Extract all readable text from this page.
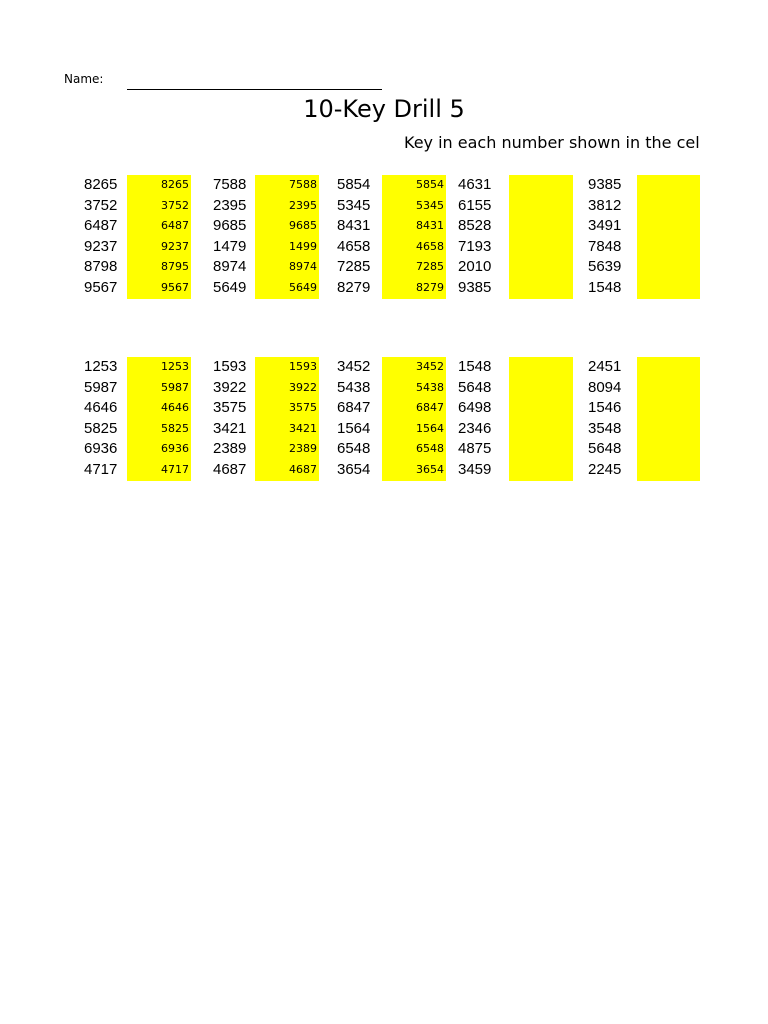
Name:
10-Key Drill 5
Key in each number shown in the cel
8265
3752
6487
9237
8795
9567
8265
3752
6487
9237
8798
9567
7588
2395
9685
1499
8974
5649
7588
2395
9685
1479
8974
5649
5854
5345
8431
4658
7285
8279
5854
5345
8431
4658
7285
8279
4631
6155
8528
7193
2010
9385
9385
3812
3491
7848
5639
1548
1253
5987
4646
5825
6936
4717
1253
5987
4646
5825
6936
4717
1593
3922
3575
3421
2389
4687
1593
3922
3575
3421
2389
4687
3452
5438
6847
1564
6548
3654
3452
5438
6847
1564
6548
3654
1548
5648
6498
2346
4875
3459
2451
8094
1546
3548
5648
2245
